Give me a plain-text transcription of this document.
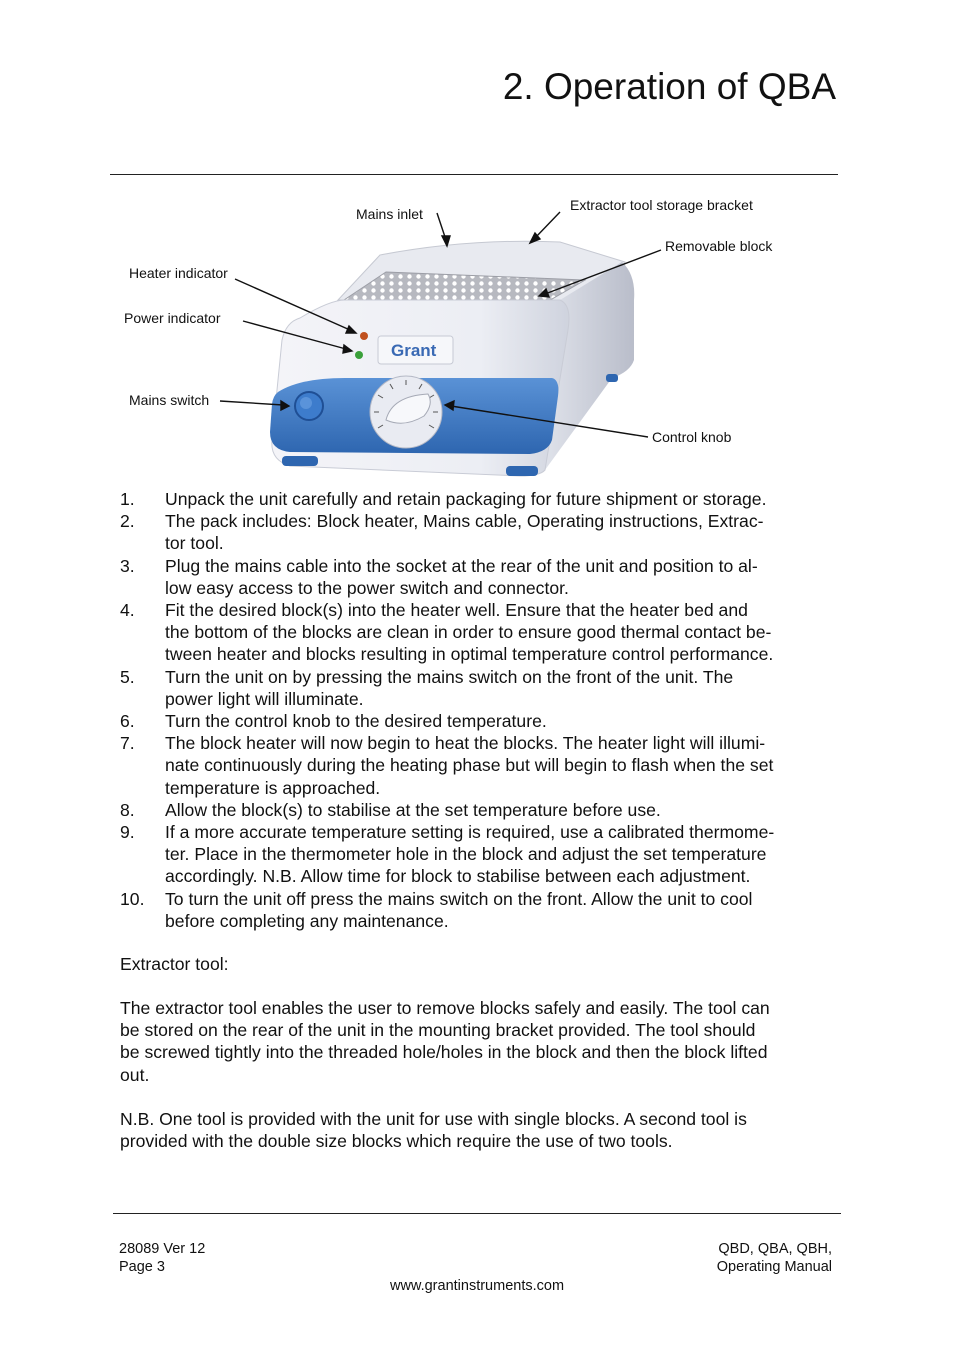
2. Operation of QBA
Grant
Mains inlet
Extractor tool storage bracket
Removable block
Heater indicator
Power indicator
Mains switch
Control knob
1.	Unpack the unit carefully and retain packaging for future shipment or storage.
2.	The pack includes: Block heater, Mains cable, Operating instructions, Extrac-
tor tool.
3.	Plug the mains cable into the socket at the rear of the unit and position to al-
low easy access to the power switch and connector.
4.	Fit the desired block(s) into the heater well. Ensure that the heater bed and
the bottom of the blocks are clean in order to ensure good thermal contact be-
tween heater and blocks resulting in optimal temperature control performance.
5.	Turn the unit on by pressing the mains switch on the front of the unit. The
power light will illuminate.
6.	Turn the control knob to the desired temperature.
7.	The block heater will now begin to heat the blocks. The heater light will illumi-
nate continuously during the heating phase but will begin to flash when the set
temperature is approached.
8.	Allow the block(s) to stabilise at the set temperature before use.
9.	If a more accurate temperature setting is required, use a calibrated thermome-
ter. Place in the thermometer hole in the block and adjust the set temperature
accordingly. N.B. Allow time for block to stabilise between each adjustment.
10.	To turn the unit off press the mains switch on the front. Allow the unit to cool
before completing any maintenance.
Extractor tool:
The extractor tool enables the user to remove blocks safely and easily. The tool can
be stored on the rear of the unit in the mounting bracket provided. The tool should
be screwed tightly into the threaded hole/holes in the block and then the block lifted
out.
N.B. One tool is provided with the unit for use with single blocks. A second tool is
provided with the double size blocks which require the use of two tools.
28089 Ver 12
Page 3
QBD, QBA, QBH,
Operating Manual
www.grantinstruments.com
